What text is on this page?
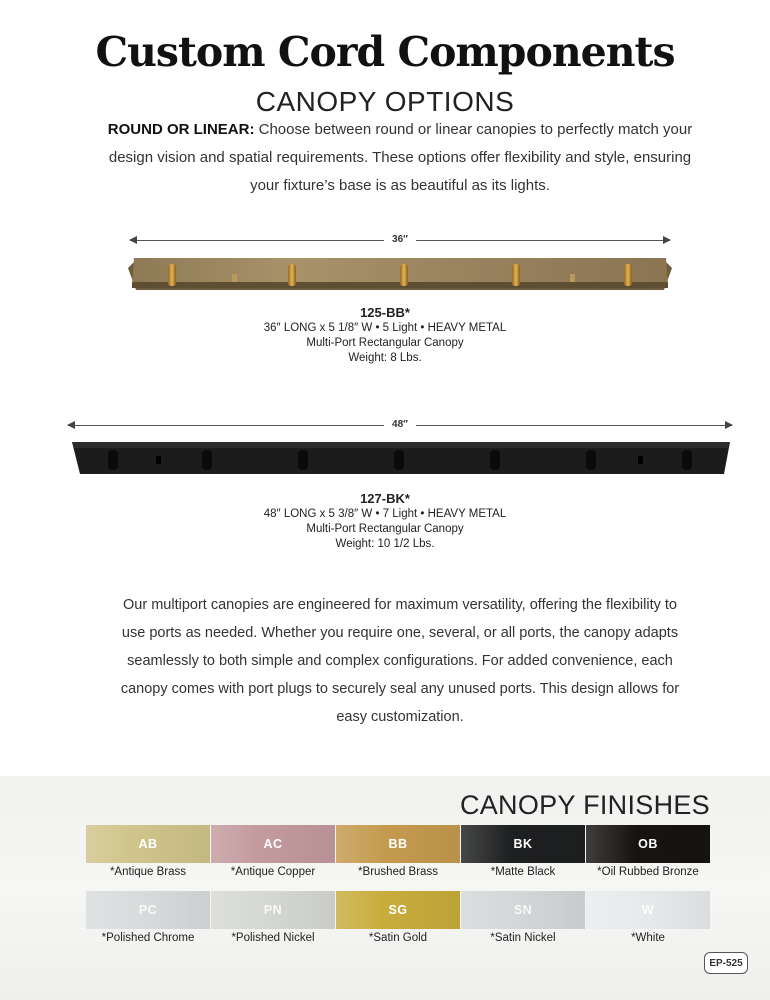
Custom Cord Components
CANOPY OPTIONS
ROUND OR LINEAR: Choose between round or linear canopies to perfectly match your design vision and spatial requirements. These options offer flexibility and style, ensuring your fixture’s base is as beautiful as its lights.
36″
125-BB*
36″ LONG x 5 1/8″ W • 5 Light • HEAVY METAL
Multi-Port Rectangular Canopy
Weight: 8 Lbs.
48″
127-BK*
48″ LONG x 5 3/8″ W • 7 Light • HEAVY METAL
Multi-Port Rectangular Canopy
Weight: 10 1/2 Lbs.
Our multiport canopies are engineered for maximum versatility, offering the flexibility to use ports as needed. Whether you require one, several, or all ports, the canopy adapts seamlessly to both simple and complex configurations. For added convenience, each canopy comes with port plugs to securely seal any unused ports. This design allows for easy customization.
CANOPY FINISHES
AB
*Antique Brass
AC
*Antique Copper
BB
*Brushed Brass
BK
*Matte Black
OB
*Oil Rubbed Bronze
PC
*Polished Chrome
PN
*Polished Nickel
SG
*Satin Gold
SN
*Satin Nickel
W
*White
EP-525
